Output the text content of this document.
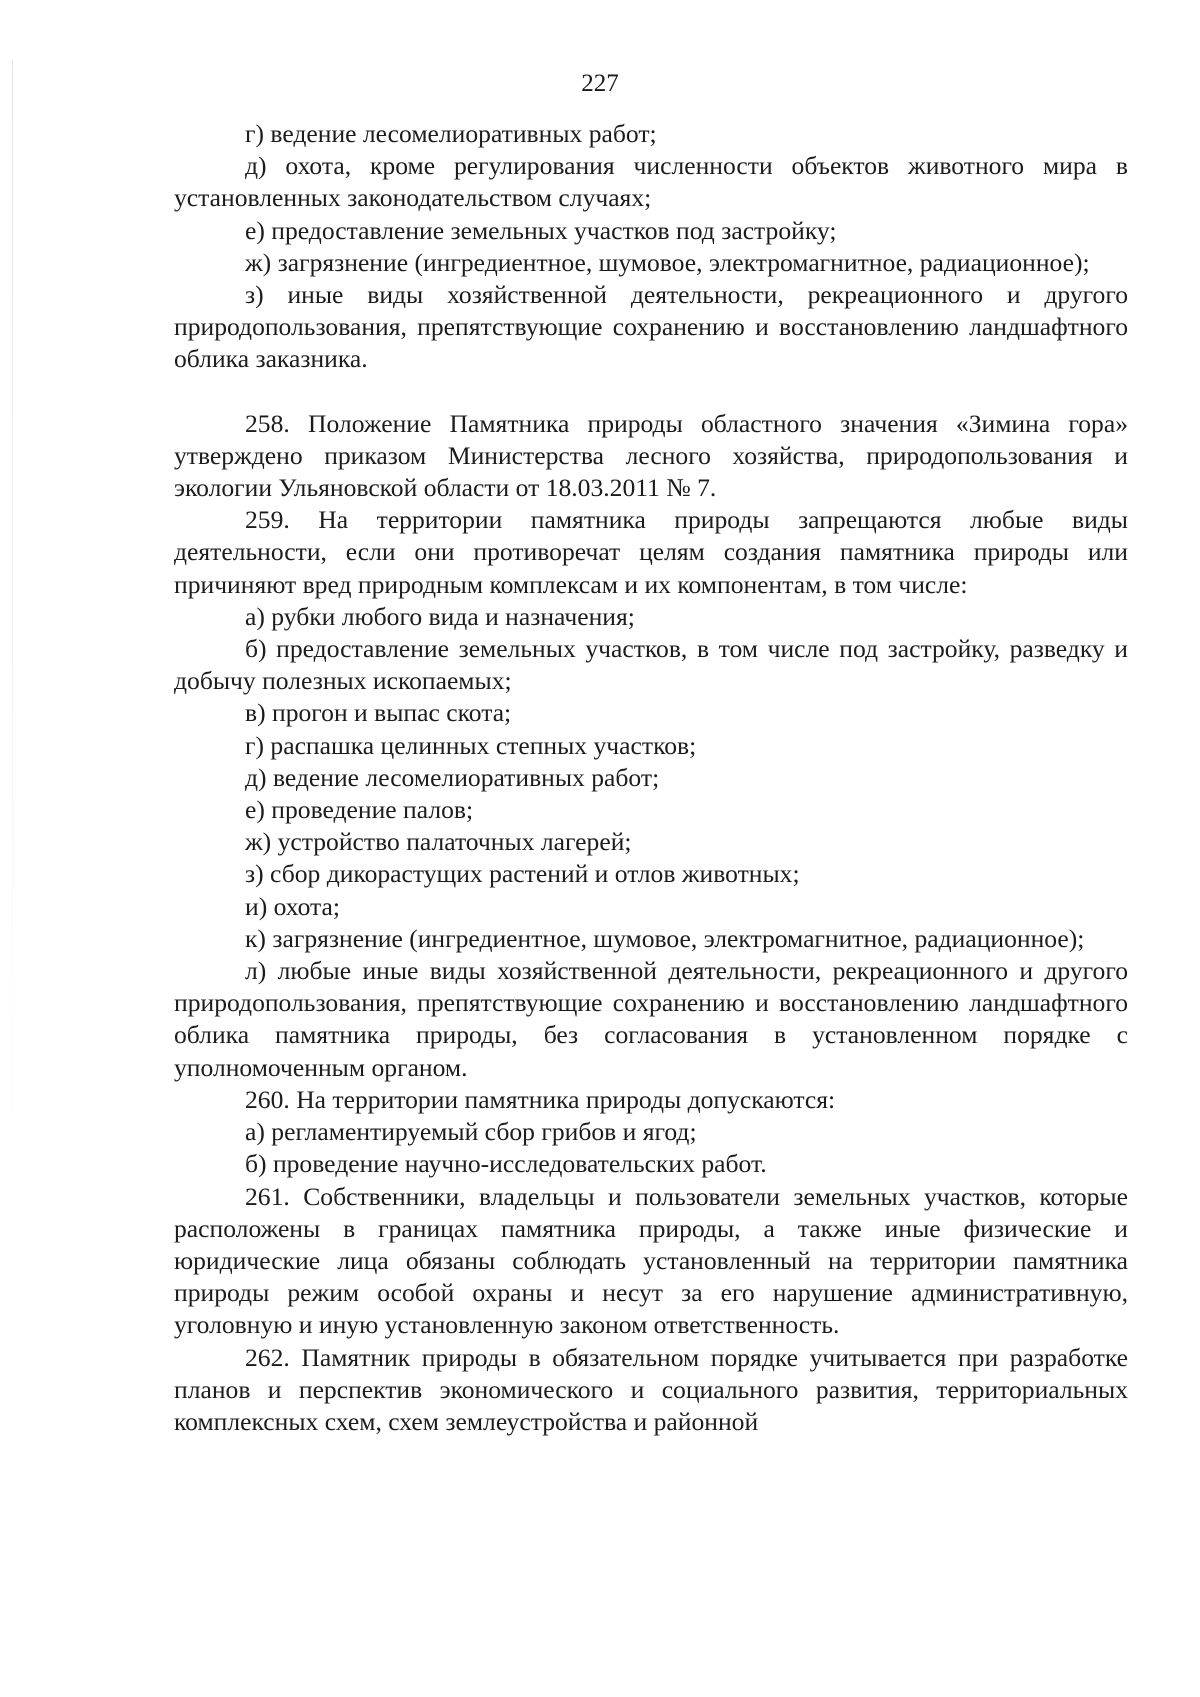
227

г) ведение лесомелиоративных работ;

д) охота, кроме регулирования численности объектов животного мира в установленных законодательством случаях;

е) предоставление земельных участков под застройку;

ж) загрязнение (ингредиентное, шумовое, электромагнитное, радиационное);

з) иные виды хозяйственной деятельности, рекреационного и другого природопользования, препятствующие сохранению и восстановлению ландшафтного облика заказника.

258. Положение Памятника природы областного значения «Зимина гора» утверждено приказом Министерства лесного хозяйства, природопользования и экологии Ульяновской области от 18.03.2011 № 7.

259. На территории памятника природы запрещаются любые виды деятельности, если они противоречат целям создания памятника природы или причиняют вред природным комплексам и их компонентам, в том числе:

а) рубки любого вида и назначения;

б) предоставление земельных участков, в том числе под застройку, разведку и добычу полезных ископаемых;

в) прогон и выпас скота;

г) распашка целинных степных участков;

д) ведение лесомелиоративных работ;

е) проведение палов;

ж) устройство палаточных лагерей;

з) сбор дикорастущих растений и отлов животных;

и) охота;

к) загрязнение (ингредиентное, шумовое, электромагнитное, радиационное);

л) любые иные виды хозяйственной деятельности, рекреационного и другого природопользования, препятствующие сохранению и восстановлению ландшафтного облика памятника природы, без согласования в установленном порядке с уполномоченным органом.

260. На территории памятника природы допускаются:

а) регламентируемый сбор грибов и ягод;

б) проведение научно-исследовательских работ.

261. Собственники, владельцы и пользователи земельных участков, которые расположены в границах памятника природы, а также иные физические и юридические лица обязаны соблюдать установленный на территории памятника природы режим особой охраны и несут за его нарушение административную, уголовную и иную установленную законом ответственность.

262. Памятник природы в обязательном порядке учитывается при разработке планов и перспектив экономического и социального развития, территориальных комплексных схем, схем землеустройства и районной
